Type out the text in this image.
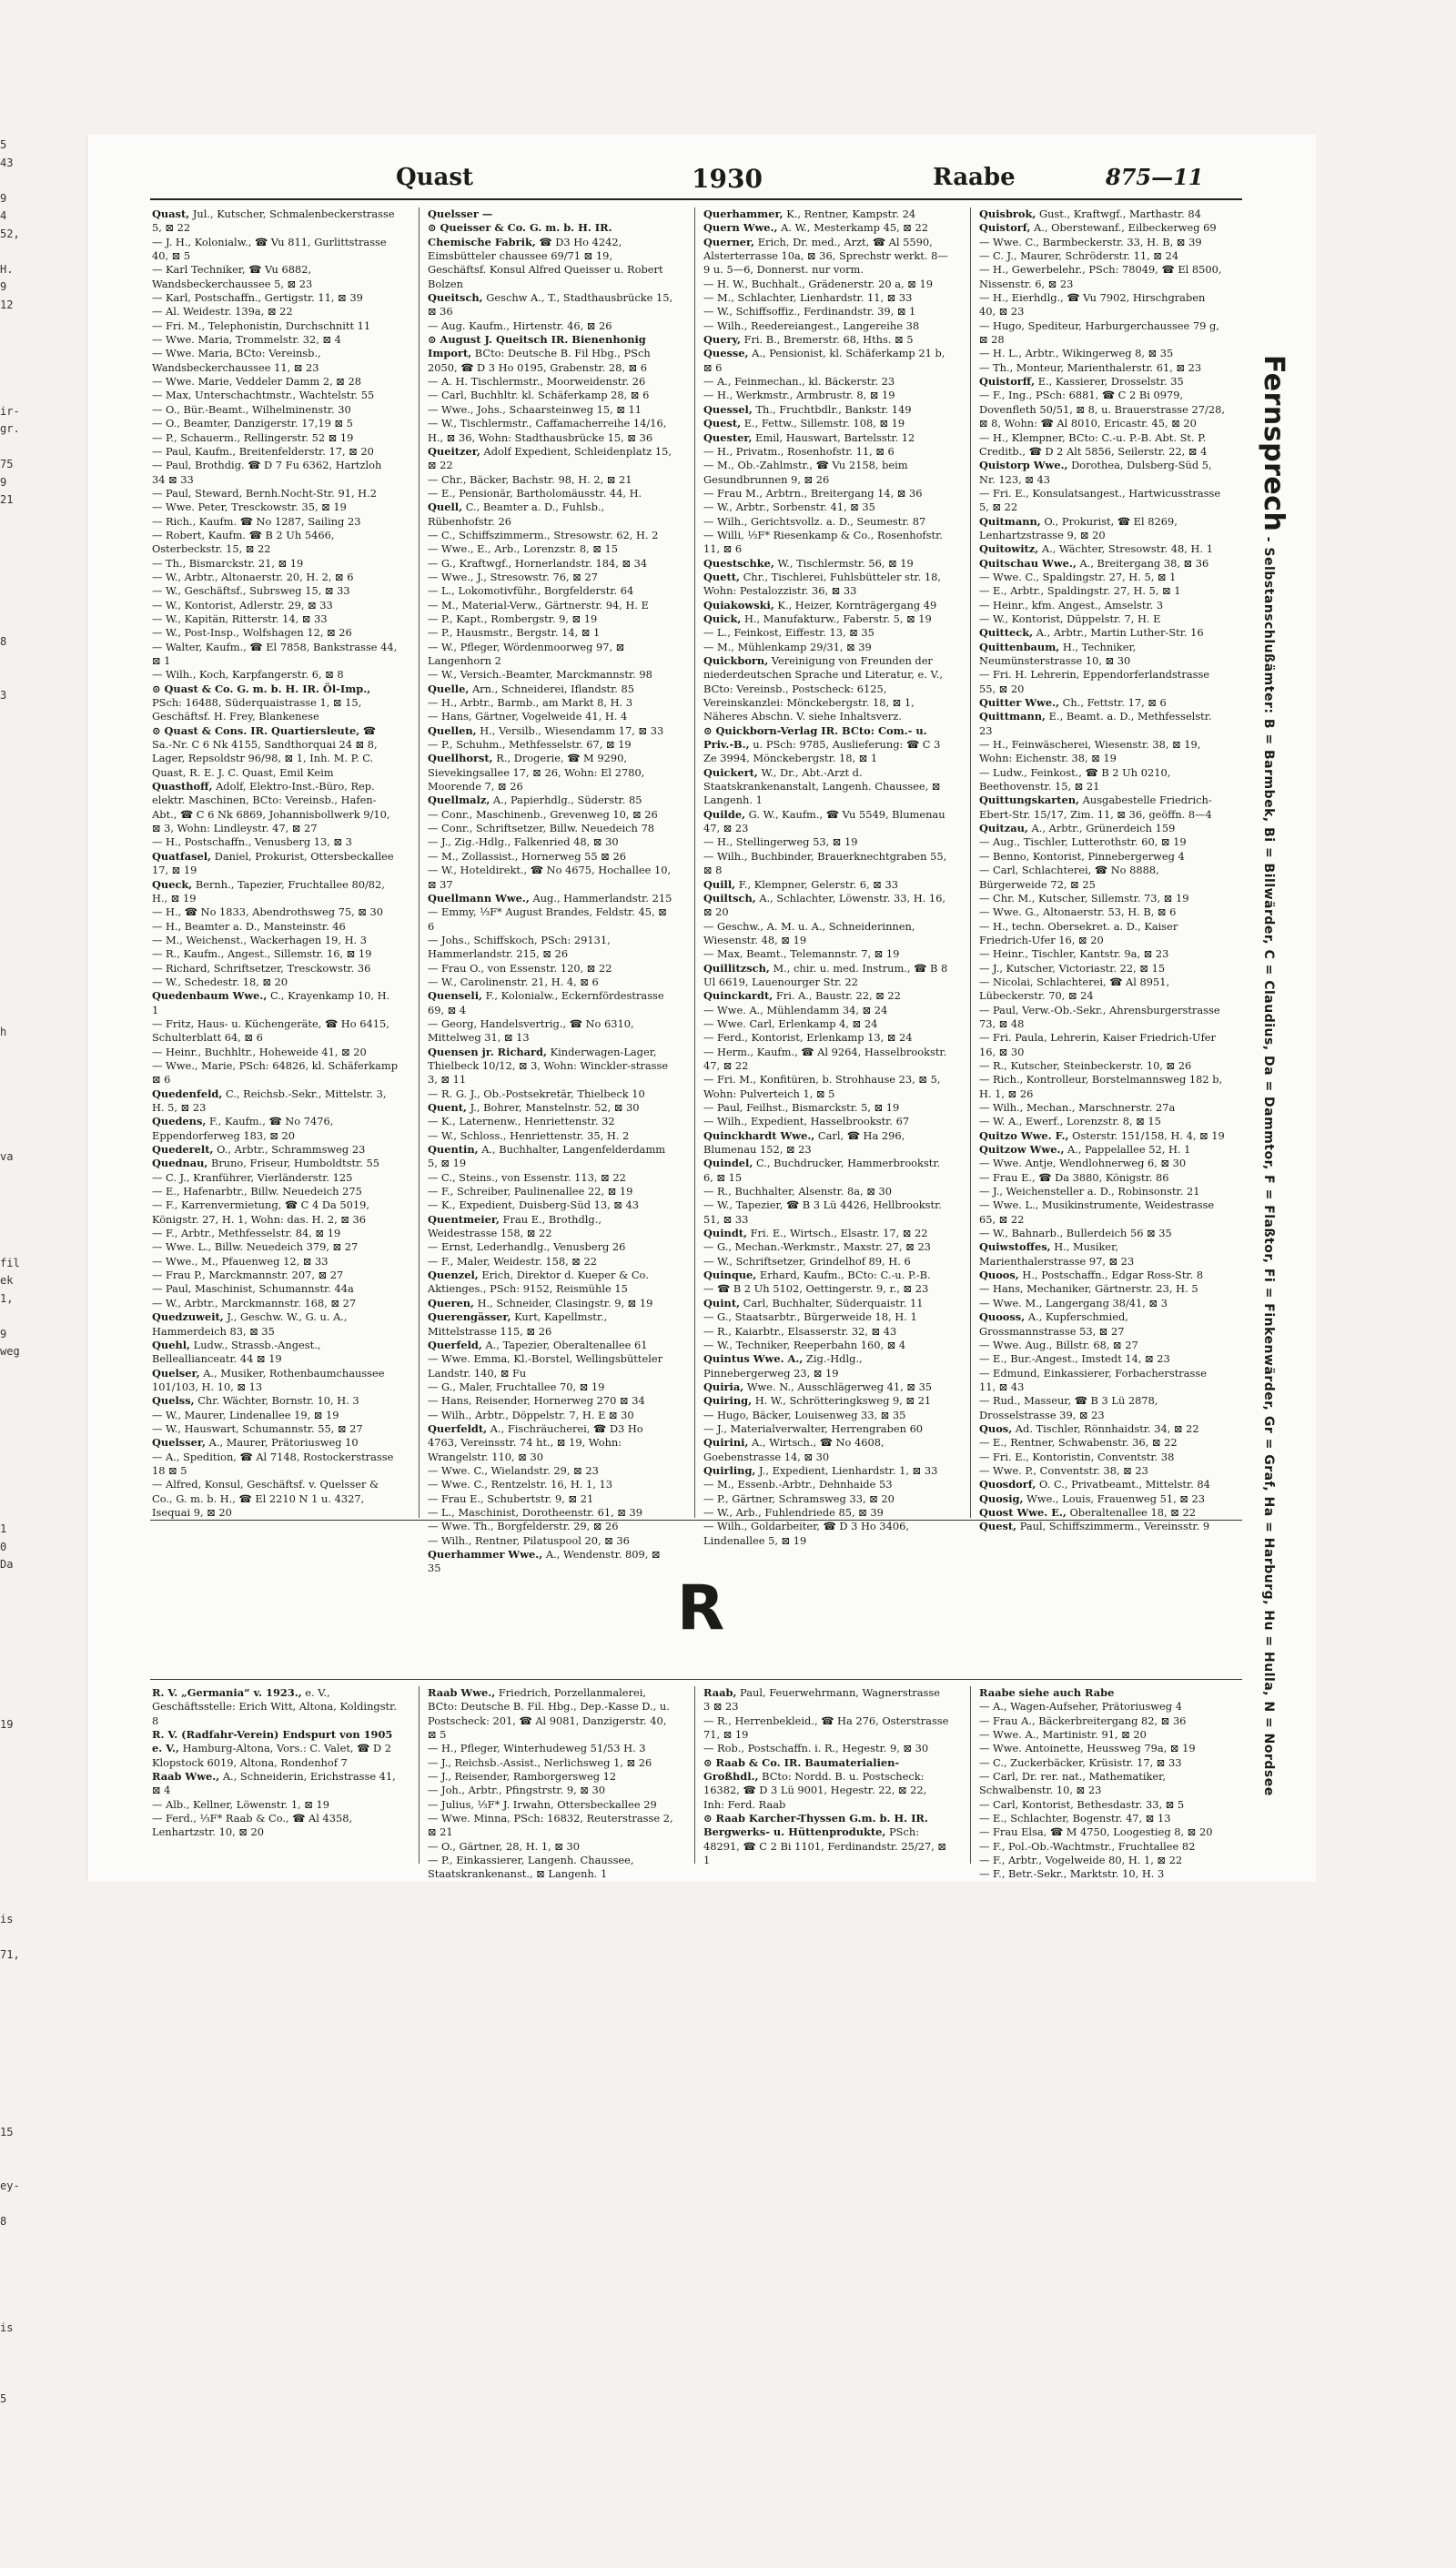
5
43

9
4
52,

H.
9
12

ir-
gr.

75
9
21

8

3

h

va

fil
ek
1,

9
weg

1
0
Da

19

is

71,

15

ey-

8

is

5

Quast	1930	Raabe	875—11
Quast, Jul., Kutscher, Schmalenbeckerstrasse 5, ⊠ 22
— J. H., Kolonialw., ☎ Vu 811, Gurlittstrasse 40, ⊠ 5
— Karl Techniker, ☎ Vu 6882, Wandsbeckerchaussee 5, ⊠ 23
— Karl, Postschaffn., Gertigstr. 11, ⊠ 39
— Al. Weidestr. 139a, ⊠ 22
— Fri. M., Telephonistin, Durchschnitt 11
— Wwe. Maria, Trommelstr. 32, ⊠ 4
— Wwe. Maria, BCto: Vereinsb., Wandsbeckerchaussee 11, ⊠ 23
— Wwe. Marie, Veddeler Damm 2, ⊠ 28
— Max, Unterschachtmstr., Wachtelstr. 55
— O., Bür.-Beamt., Wilhelminenstr. 30
— O., Beamter, Danzigerstr. 17,19 ⊠ 5
— P., Schauerm., Rellingerstr. 52 ⊠ 19
— Paul, Kaufm., Breitenfelderstr. 17, ⊠ 20
— Paul, Brothdig. ☎ D 7 Fu 6362, Hartzloh 34 ⊠ 33
— Paul, Steward, Bernh.Nocht-Str. 91, H.2
— Wwe. Peter, Tresckowstr. 35, ⊠ 19
— Rich., Kaufm. ☎ No 1287, Sailing 23
— Robert, Kaufm. ☎ B 2 Uh 5466, Osterbeckstr. 15, ⊠ 22
— Th., Bismarckstr. 21, ⊠ 19
— W., Arbtr., Altonaerstr. 20, H. 2, ⊠ 6
— W., Geschäftsf., Subrsweg 15, ⊠ 33
— W., Kontorist, Adlerstr. 29, ⊠ 33
— W., Kapitän, Ritterstr. 14, ⊠ 33
— W., Post-Insp., Wolfshagen 12, ⊠ 26
— Walter, Kaufm., ☎ El 7858, Bankstrasse 44, ⊠ 1
— Wilh., Koch, Karpfangerstr. 6, ⊠ 8
⊙ Quast & Co. G. m. b. H. IR. Öl-Imp., PSch: 16488, Süderquaistrasse 1, ⊠ 15, Geschäftsf. H. Frey, Blankenese
⊙ Quast & Cons. IR. Quartiersleute, ☎ Sa.-Nr. C 6 Nk 4155, Sandthorquai 24 ⊠ 8, Lager, Repsoldstr 96/98, ⊠ 1, Inh. M. P. C. Quast, R. E. J. C. Quast, Emil Keim
Quasthoff, Adolf, Elektro-Inst.-Büro, Rep. elektr. Maschinen, BCto: Vereinsb., Hafen-Abt., ☎ C 6 Nk 6869, Johannisbollwerk 9/10, ⊠ 3, Wohn: Lindleystr. 47, ⊠ 27
— H., Postschaffn., Venusberg 13, ⊠ 3
Quatfasel, Daniel, Prokurist, Ottersbeckallee 17, ⊠ 19
Queck, Bernh., Tapezier, Fruchtallee 80/82, H., ⊠ 19
— H., ☎ No 1833, Abendrothsweg 75, ⊠ 30
— H., Beamter a. D., Mansteinstr. 46
— M., Weichenst., Wackerhagen 19, H. 3
— R., Kaufm., Angest., Sillemstr. 16, ⊠ 19
— Richard, Schriftsetzer, Tresckowstr. 36
— W., Schedestr. 18, ⊠ 20
Quedenbaum Wwe., C., Krayenkamp 10, H. 1
— Fritz, Haus- u. Küchengeräte, ☎ Ho 6415, Schulterblatt 64, ⊠ 6
— Heinr., Buchhltr., Hoheweide 41, ⊠ 20
— Wwe., Marie, PSch: 64826, kl. Schäferkamp ⊠ 6
Quedenfeld, C., Reichsb.-Sekr., Mittelstr. 3, H. 5, ⊠ 23
Quedens, F., Kaufm., ☎ No 7476, Eppendorferweg 183, ⊠ 20
Quederelt, O., Arbtr., Schrammsweg 23
Quednau, Bruno, Friseur, Humboldtstr. 55
— C. J., Kranführer, Vierländerstr. 125
— E., Hafenarbtr., Billw. Neuedeich 275
— F., Karrenvermietung, ☎ C 4 Da 5019, Königstr. 27, H. 1, Wohn: das. H. 2, ⊠ 36
— F., Arbtr., Methfesselstr. 84, ⊠ 19
— Wwe. L., Billw. Neuedeich 379, ⊠ 27
— Wwe., M., Pfauenweg 12, ⊠ 33
— Frau P., Marckmannstr. 207, ⊠ 27
— Paul, Maschinist, Schumannstr. 44a
— W., Arbtr., Marckmannstr. 168, ⊠ 27
Quedzuweit, J., Geschw. W., G. u. A., Hammerdeich 83, ⊠ 35
Quehl, Ludw., Strassb.-Angest., Belleallianceatr. 44 ⊠ 19
Quelser, A., Musiker, Rothenbaumchaussee 101/103, H. 10, ⊠ 13
Quelss, Chr. Wächter, Bornstr. 10, H. 3
— W., Maurer, Lindenallee 19, ⊠ 19
— W., Hauswart, Schumannstr. 55, ⊠ 27
Quelsser, A., Maurer, Prätoriusweg 10
— A., Spedition, ☎ Al 7148, Rostockerstrasse 18 ⊠ 5
— Alfred, Konsul, Geschäftsf. v. Quelsser & Co., G. m. b. H., ☎ El 2210 N 1 u. 4327, Isequai 9, ⊠ 20
Quelsser —
⊙ Queisser & Co. G. m. b. H. IR. Chemische Fabrik, ☎ D3 Ho 4242, Eimsbütteler chaussee 69/71 ⊠ 19, Geschäftsf. Konsul Alfred Queisser u. Robert Bolzen
Queitsch, Geschw A., T., Stadthausbrücke 15, ⊠ 36
— Aug. Kaufm., Hirtenstr. 46, ⊠ 26
⊙ August J. Queitsch IR. Bienenhonig Import, BCto: Deutsche B. Fil Hbg., PSch 2050, ☎ D 3 Ho 0195, Grabenstr. 28, ⊠ 6
— A. H. Tischlermstr., Moorweidenstr. 26
— Carl, Buchhltr. kl. Schäferkamp 28, ⊠ 6
— Wwe., Johs., Schaarsteinweg 15, ⊠ 11
— W., Tischlermstr., Caffamacherreihe 14/16, H., ⊠ 36, Wohn: Stadthausbrücke 15, ⊠ 36
Queitzer, Adolf Expedient, Schleidenplatz 15, ⊠ 22
— Chr., Bäcker, Bachstr. 98, H. 2, ⊠ 21
— E., Pensionär, Bartholomäusstr. 44, H.
Quell, C., Beamter a. D., Fuhlsb., Rübenhofstr. 26
— C., Schiffszimmerm., Stresowstr. 62, H. 2
— Wwe., E., Arb., Lorenzstr. 8, ⊠ 15
— G., Kraftwgf., Hornerlandstr. 184, ⊠ 34
— Wwe., J., Stresowstr. 76, ⊠ 27
— L., Lokomotivführ., Borgfelderstr. 64
— M., Material-Verw., Gärtnerstr. 94, H. E
— P., Kapt., Rombergstr. 9, ⊠ 19
— P., Hausmstr., Bergstr. 14, ⊠ 1
— W., Pfleger, Wördenmoorweg 97, ⊠ Langenhorn 2
— W., Versich.-Beamter, Marckmannstr. 98
Quelle, Arn., Schneiderei, Iflandstr. 85
— H., Arbtr., Barmb., am Markt 8, H. 3
— Hans, Gärtner, Vogelweide 41, H. 4
Quellen, H., Versilb., Wiesendamm 17, ⊠ 33
— P., Schuhm., Methfesselstr. 67, ⊠ 19
Quellhorst, R., Drogerie, ☎ M 9290, Sievekingsallee 17, ⊠ 26, Wohn: El 2780, Moorende 7, ⊠ 26
Quellmalz, A., Papierhdlg., Süderstr. 85
— Conr., Maschinenb., Grevenweg 10, ⊠ 26
— Conr., Schriftsetzer, Billw. Neuedeich 78
— J., Zig.-Hdlg., Falkenried 48, ⊠ 30
— M., Zollassist., Hornerweg 55 ⊠ 26
— W., Hoteldirekt., ☎ No 4675, Hochallee 10, ⊠ 37
Quellmann Wwe., Aug., Hammerlandstr. 215
— Emmy, ⅓F* August Brandes, Feldstr. 45, ⊠ 6
— Johs., Schiffskoch, PSch: 29131, Hammerlandstr. 215, ⊠ 26
— Frau O., von Essenstr. 120, ⊠ 22
— W., Carolinenstr. 21, H. 4, ⊠ 6
Quenseli, F., Kolonialw., Eckernfördestrasse 69, ⊠ 4
— Georg, Handelsvertrig., ☎ No 6310, Mittelweg 31, ⊠ 13
Quensen jr. Richard, Kinderwagen-Lager, Thielbeck 10/12, ⊠ 3, Wohn: Winckler-strasse 3, ⊠ 11
— R. G. J., Ob.-Postsekretär, Thielbeck 10
Quent, J., Bohrer, Manstelnstr. 52, ⊠ 30
— K., Laternenw., Henriettenstr. 32
— W., Schloss., Henriettenstr. 35, H. 2
Quentin, A., Buchhalter, Langenfelderdamm 5, ⊠ 19
— C., Steins., von Essenstr. 113, ⊠ 22
— F., Schreiber, Paulinenallee 22, ⊠ 19
— K., Expedient, Duisberg-Süd 13, ⊠ 43
Quentmeier, Frau E., Brothdlg., Weidestrasse 158, ⊠ 22
— Ernst, Lederhandlg., Venusberg 26
— F., Maler, Weidestr. 158, ⊠ 22
Quenzel, Erich, Direktor d. Kueper & Co. Aktienges., PSch: 9152, Reismühle 15
Queren, H., Schneider, Clasingstr. 9, ⊠ 19
Querengässer, Kurt, Kapellmstr., Mittelstrasse 115, ⊠ 26
Querfeld, A., Tapezier, Oberaltenallee 61
— Wwe. Emma, Kl.-Borstel, Wellingsbütteler Landstr. 140, ⊠ Fu
— G., Maler, Fruchtallee 70, ⊠ 19
— Hans, Reisender, Hornerweg 270 ⊠ 34
— Wilh., Arbtr., Döppelstr. 7, H. E ⊠ 30
Querfeldt, A., Fischräucherei, ☎ D3 Ho 4763, Vereinsstr. 74 ht., ⊠ 19, Wohn: Wrangelstr. 110, ⊠ 30
— Wwe. C., Wielandstr. 29, ⊠ 23
— Wwe. C., Rentzelstr. 16, H. 1, 13
— Frau E., Schubertstr. 9, ⊠ 21
— L., Maschinist, Dorotheenstr. 61, ⊠ 39
— Wwe. Th., Borgfelderstr. 29, ⊠ 26
— Wilh., Rentner, Pilatuspool 20, ⊠ 36
Querhammer Wwe., A., Wendenstr. 809, ⊠ 35
Querhammer, K., Rentner, Kampstr. 24
Quern Wwe., A. W., Mesterkamp 45, ⊠ 22
Querner, Erich, Dr. med., Arzt, ☎ Al 5590, Alsterterrasse 10a, ⊠ 36, Sprechstr werkt. 8—9 u. 5—6, Donnerst. nur vorm.
— H. W., Buchhalt., Grädenerstr. 20 a, ⊠ 19
— M., Schlachter, Lienhardstr. 11, ⊠ 33
— W., Schiffsoffiz., Ferdinandstr. 39, ⊠ 1
— Wilh., Reedereiangest., Langereihe 38
Query, Fri. B., Bremerstr. 68, Hths. ⊠ 5
Quesse, A., Pensionist, kl. Schäferkamp 21 b, ⊠ 6
— A., Feinmechan., kl. Bäckerstr. 23
— H., Werkmstr., Armbrustr. 8, ⊠ 19
Quessel, Th., Fruchtbdlr., Bankstr. 149
Quest, E., Fettw., Sillemstr. 108, ⊠ 19
Quester, Emil, Hauswart, Bartelsstr. 12
— H., Privatm., Rosenhofstr. 11, ⊠ 6
— M., Ob.-Zahlmstr., ☎ Vu 2158, beim Gesundbrunnen 9, ⊠ 26
— Frau M., Arbtrn., Breitergang 14, ⊠ 36
— W., Arbtr., Sorbenstr. 41, ⊠ 35
— Wilh., Gerichtsvollz. a. D., Seumestr. 87
— Willi, ⅓F* Riesenkamp & Co., Rosenhofstr. 11, ⊠ 6
Questschke, W., Tischlermstr. 56, ⊠ 19
Quett, Chr., Tischlerei, Fuhlsbütteler str. 18, Wohn: Pestalozzistr. 36, ⊠ 33
Quiakowski, K., Heizer, Kornträgergang 49
Quick, H., Manufakturw., Faberstr. 5, ⊠ 19
— L., Feinkost, Eiffestr. 13, ⊠ 35
— M., Mühlenkamp 29/31, ⊠ 39
Quickborn, Vereinigung von Freunden der niederdeutschen Sprache und Literatur, e. V., BCto: Vereinsb., Postscheck: 6125, Vereinskanzlei: Mönckebergstr. 18, ⊠ 1, Näheres Abschn. V. siehe Inhaltsverz.
⊙ Quickborn-Verlag IR. BCto: Com.- u. Priv.-B., u. PSch: 9785, Auslieferung: ☎ C 3 Ze 3994, Mönckebergstr. 18, ⊠ 1
Quickert, W., Dr., Abt.-Arzt d. Staatskrankenanstalt, Langenh. Chaussee, ⊠ Langenh. 1
Quilde, G. W., Kaufm., ☎ Vu 5549, Blumenau 47, ⊠ 23
— H., Stellingerweg 53, ⊠ 19
— Wilh., Buchbinder, Brauerknechtgraben 55, ⊠ 8
Quill, F., Klempner, Gelerstr. 6, ⊠ 33
Quiltsch, A., Schlachter, Löwenstr. 33, H. 16, ⊠ 20
— Geschw., A. M. u. A., Schneiderinnen, Wiesenstr. 48, ⊠ 19
— Max, Beamt., Telemannstr. 7, ⊠ 19
Quillitzsch, M., chir. u. med. Instrum., ☎ B 8 Ul 6619, Lauenourger Str. 22
Quinckardt, Fri. A., Baustr. 22, ⊠ 22
— Wwe. A., Mühlendamm 34, ⊠ 24
— Wwe. Carl, Erlenkamp 4, ⊠ 24
— Ferd., Kontorist, Erlenkamp 13, ⊠ 24
— Herm., Kaufm., ☎ Al 9264, Hasselbrookstr. 47, ⊠ 22
— Fri. M., Konfitüren, b. Strohhause 23, ⊠ 5, Wohn: Pulverteich 1, ⊠ 5
— Paul, Feilhst., Bismarckstr. 5, ⊠ 19
— Wilh., Expedient, Hasselbrookstr. 67
Quinckhardt Wwe., Carl, ☎ Ha 296, Blumenau 152, ⊠ 23
Quindel, C., Buchdrucker, Hammerbrookstr. 6, ⊠ 15
— R., Buchhalter, Alsenstr. 8a, ⊠ 30
— W., Tapezier, ☎ B 3 Lü 4426, Hellbrookstr. 51, ⊠ 33
Quindt, Fri. E., Wirtsch., Elsastr. 17, ⊠ 22
— G., Mechan.-Werkmstr., Maxstr. 27, ⊠ 23
— W., Schriftsetzer, Grindelhof 89, H. 6
Quinque, Erhard, Kaufm., BCto: C.-u. P.-B.
— ☎ B 2 Uh 5102, Oettingerstr. 9, r., ⊠ 23
Quint, Carl, Buchhalter, Süderquaistr. 11
— G., Staatsarbtr., Bürgerweide 18, H. 1
— R., Kaiarbtr., Elsasserstr. 32, ⊠ 43
— W., Techniker, Reeperbahn 160, ⊠ 4
Quintus Wwe. A., Zig.-Hdlg., Pinnebergerweg 23, ⊠ 19
Quiria, Wwe. N., Ausschlägerweg 41, ⊠ 35
Quiring, H. W., Schrötteringksweg 9, ⊠ 21
— Hugo, Bäcker, Louisenweg 33, ⊠ 35
— J., Materialverwalter, Herrengraben 60
Quirini, A., Wirtsch., ☎ No 4608, Goebenstrasse 14, ⊠ 30
Quirling, J., Expedient, Lienhardstr. 1, ⊠ 33
— M., Essenb.-Arbtr., Dehnhaide 53
— P., Gärtner, Schramsweg 33, ⊠ 20
— W., Arb., Fuhlendriede 85, ⊠ 39
— Wilh., Goldarbeiter, ☎ D 3 Ho 3406, Lindenallee 5, ⊠ 19
Quisbrok, Gust., Kraftwgf., Marthastr. 84
Quistorf, A., Oberstewanf., Eilbeckerweg 69
— Wwe. C., Barmbeckerstr. 33, H. B, ⊠ 39
— C. J., Maurer, Schröderstr. 11, ⊠ 24
— H., Gewerbelehr., PSch: 78049, ☎ El 8500, Nissenstr. 6, ⊠ 23
— H., Eierhdlg., ☎ Vu 7902, Hirschgraben 40, ⊠ 23
— Hugo, Spediteur, Harburgerchaussee 79 g, ⊠ 28
— H. L., Arbtr., Wikingerweg 8, ⊠ 35
— Th., Monteur, Marienthalerstr. 61, ⊠ 23
Quistorff, E., Kassierer, Drosselstr. 35
— F., Ing., PSch: 6881, ☎ C 2 Bi 0979, Dovenfleth 50/51, ⊠ 8, u. Brauerstrasse 27/28, ⊠ 8, Wohn: ☎ Al 8010, Ericastr. 45, ⊠ 20
— H., Klempner, BCto: C.-u. P.-B. Abt. St. P. Creditb., ☎ D 2 Alt 5856, Seilerstr. 22, ⊠ 4
Quistorp Wwe., Dorothea, Dulsberg-Süd 5, Nr. 123, ⊠ 43
— Fri. E., Konsulatsangest., Hartwicusstrasse 5, ⊠ 22
Quitmann, O., Prokurist, ☎ El 8269, Lenhartzstrasse 9, ⊠ 20
Quitowitz, A., Wächter, Stresowstr. 48, H. 1
Quitschau Wwe., A., Breitergang 38, ⊠ 36
— Wwe. C., Spaldingstr. 27, H. 5, ⊠ 1
— E., Arbtr., Spaldingstr. 27, H. 5, ⊠ 1
— Heinr., kfm. Angest., Amselstr. 3
— W., Kontorist, Düppelstr. 7, H. E
Quitteck, A., Arbtr., Martin Luther-Str. 16
Quittenbaum, H., Techniker, Neumünsterstrasse 10, ⊠ 30
— Fri. H. Lehrerin, Eppendorferlandstrasse 55, ⊠ 20
Quitter Wwe., Ch., Fettstr. 17, ⊠ 6
Quittmann, E., Beamt. a. D., Methfesselstr. 23
— H., Feinwäscherei, Wiesenstr. 38, ⊠ 19, Wohn: Eichenstr. 38, ⊠ 19
— Ludw., Feinkost., ☎ B 2 Uh 0210, Beethovenstr. 15, ⊠ 21
Quittungskarten, Ausgabestelle Friedrich-Ebert-Str. 15/17, Zim. 11, ⊠ 36, geöffn. 8—4
Quitzau, A., Arbtr., Grünerdeich 159
— Aug., Tischler, Lutterothstr. 60, ⊠ 19
— Benno, Kontorist, Pinnebergerweg 4
— Carl, Schlachterei, ☎ No 8888, Bürgerweide 72, ⊠ 25
— Chr. M., Kutscher, Sillemstr. 73, ⊠ 19
— Wwe. G., Altonaerstr. 53, H. B, ⊠ 6
— H., techn. Obersekret. a. D., Kaiser Friedrich-Ufer 16, ⊠ 20
— Heinr., Tischler, Kantstr. 9a, ⊠ 23
— J., Kutscher, Victoriastr. 22, ⊠ 15
— Nicolai, Schlachterei, ☎ Al 8951, Lübeckerstr. 70, ⊠ 24
— Paul, Verw.-Ob.-Sekr., Ahrensburgerstrasse 73, ⊠ 48
— Fri. Paula, Lehrerin, Kaiser Friedrich-Ufer 16, ⊠ 30
— R., Kutscher, Steinbeckerstr. 10, ⊠ 26
— Rich., Kontrolleur, Borstelmannsweg 182 b, H. 1, ⊠ 26
— Wilh., Mechan., Marschnerstr. 27a
— W. A., Ewerf., Lorenzstr. 8, ⊠ 15
Quitzo Wwe. F., Osterstr. 151/158, H. 4, ⊠ 19
Quitzow Wwe., A., Pappelallee 52, H. 1
— Wwe. Antje, Wendlohnerweg 6, ⊠ 30
— Frau E., ☎ Da 3880, Königstr. 86
— J., Weichensteller a. D., Robinsonstr. 21
— Wwe. L., Musikinstrumente, Weidestrasse 65, ⊠ 22
— W., Bahnarb., Bullerdeich 56 ⊠ 35
Quiwstoffes, H., Musiker, Marienthalerstrasse 97, ⊠ 23
Quoos, H., Postschaffn., Edgar Ross-Str. 8
— Hans, Mechaniker, Gärtnerstr. 23, H. 5
— Wwe. M., Langergang 38/41, ⊠ 3
Quooss, A., Kupferschmied, Grossmannstrasse 53, ⊠ 27
— Wwe. Aug., Billstr. 68, ⊠ 27
— E., Bur.-Angest., Imstedt 14, ⊠ 23
— Edmund, Einkassierer, Forbacherstrasse 11, ⊠ 43
— Rud., Masseur, ☎ B 3 Lü 2878, Drosselstrasse 39, ⊠ 23
Quos, Ad. Tischler, Rönnhaidstr. 34, ⊠ 22
— E., Rentner, Schwabenstr. 36, ⊠ 22
— Fri. E., Kontoristin, Conventstr. 38
— Wwe. P., Conventstr. 38, ⊠ 23
Quosdorf, O. C., Privatbeamt., Mittelstr. 84
Quosig, Wwe., Louis, Frauenweg 51, ⊠ 23
Quost Wwe. E., Oberaltenallee 18, ⊠ 22
Quest, Paul, Schiffszimmerm., Vereinsstr. 9
R
R. V. „Germania“ v. 1923., e. V., Geschäftsstelle: Erich Witt, Altona, Koldingstr. 8
R. V. (Radfahr-Verein) Endspurt von 1905 e. V., Hamburg-Altona, Vors.: C. Valet, ☎ D 2 Klopstock 6019, Altona, Rondenhof 7
Raab Wwe., A., Schneiderin, Erichstrasse 41, ⊠ 4
— Alb., Kellner, Löwenstr. 1, ⊠ 19
— Ferd., ⅓F* Raab & Co., ☎ Al 4358, Lenhartzstr. 10, ⊠ 20
Raab Wwe., Friedrich, Porzellanmalerei, BCto: Deutsche B. Fil. Hbg., Dep.-Kasse D., u. Postscheck: 201, ☎ Al 9081, Danzigerstr. 40, ⊠ 5
— H., Pfleger, Winterhudeweg 51/53 H. 3
— J., Reichsb.-Assist., Nerlichsweg 1, ⊠ 26
— J., Reisender, Ramborgersweg 12
— Joh., Arbtr., Pfingstrstr. 9, ⊠ 30
— Julius, ⅓F* J. Irwahn, Ottersbeckallee 29
— Wwe. Minna, PSch: 16832, Reuterstrasse 2, ⊠ 21
— O., Gärtner, 28, H. 1, ⊠ 30
— P., Einkassierer, Langenh. Chaussee, Staatskrankenanst., ⊠ Langenh. 1
Raab, Paul, Feuerwehrmann, Wagnerstrasse 3 ⊠ 23
— R., Herrenbekleid., ☎ Ha 276, Osterstrasse 71, ⊠ 19
— Rob., Postschaffn. i. R., Hegestr. 9, ⊠ 30
⊙ Raab & Co. IR. Baumaterialien-Großhdl., BCto: Nordd. B. u. Postscheck: 16382, ☎ D 3 Lü 9001, Hegestr. 22, ⊠ 22, Inh: Ferd. Raab
⊙ Raab Karcher-Thyssen G.m. b. H. IR. Bergwerks- u. Hüttenprodukte, PSch: 48291, ☎ C 2 Bi 1101, Ferdinandstr. 25/27, ⊠ 1
Raabe siehe auch Rabe
— A., Wagen-Aufseher, Prätoriusweg 4
— Frau A., Bäckerbreitergang 82, ⊠ 36
— Wwe. A., Martinistr. 91, ⊠ 20
— Wwe. Antoinette, Heussweg 79a, ⊠ 19
— C., Zuckerbäcker, Krüsistr. 17, ⊠ 33
— Carl, Dr. rer. nat., Mathematiker, Schwalbenstr. 10, ⊠ 23
— Carl, Kontorist, Bethesdastr. 33, ⊠ 5
— E., Schlachter, Bogenstr. 47, ⊠ 13
— Frau Elsa, ☎ M 4750, Loogestieg 8, ⊠ 20
— F., Pol.-Ob.-Wachtmstr., Fruchtallee 82
— F., Arbtr., Vogelweide 80, H. 1, ⊠ 22
— F., Betr.-Sekr., Marktstr. 10, H. 3
Fernsprech - Selbstanschlußämter: B = Barmbek, Bi = Billwärder, C = Claudius, Da = Dammtor, F = Flaßtor, Fi = Finkenwärder, Gr = Graf, Ha = Harburg, Hu = Hulla, N = Nordsee
